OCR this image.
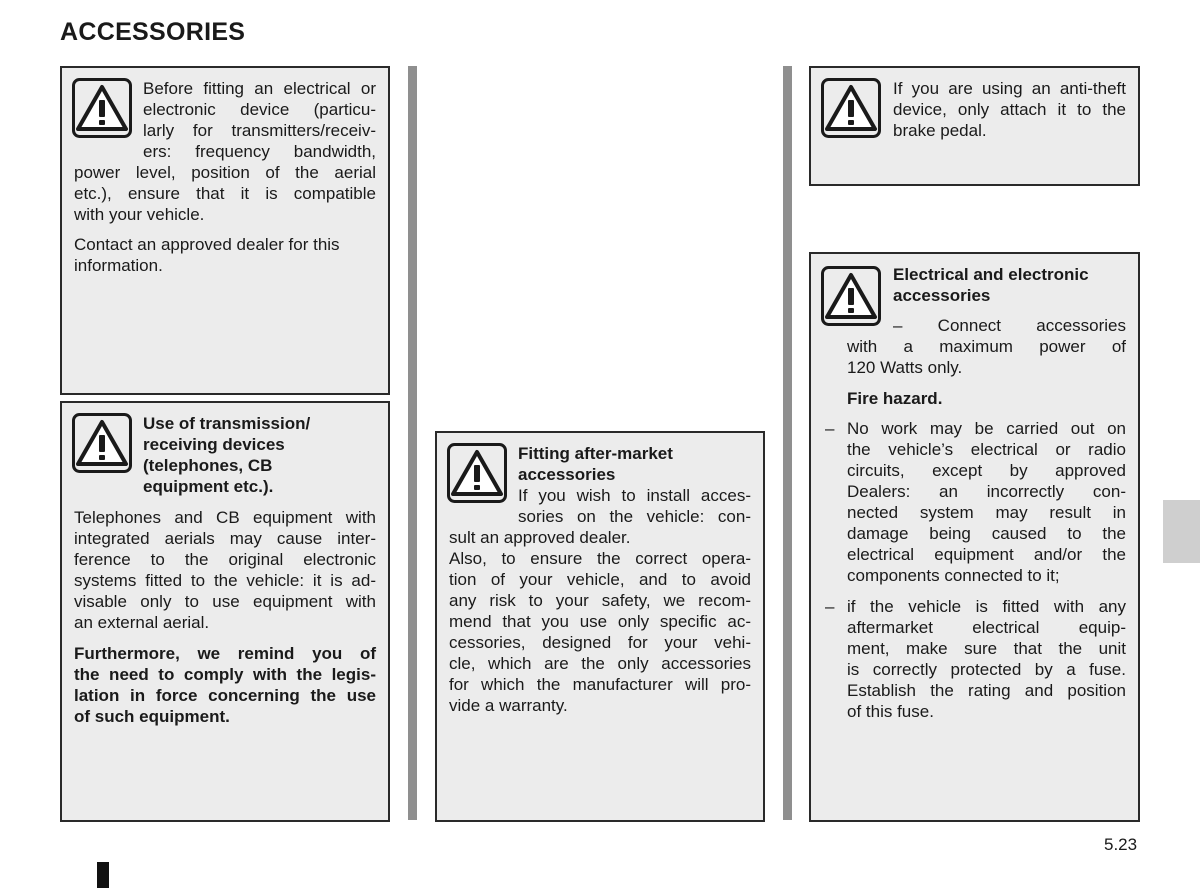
ACCESSORIES

Before fitting an electrical or

electronic device (particu-

larly for transmitters/receiv-

ers: frequency bandwidth,

power level, position of the aerial

etc.), ensure that it is compatible

with your vehicle.

Contact an approved dealer for this

information.

Use of transmission/

receiving devices

(telephones, CB

equipment etc.).

Telephones and CB equipment with

integrated aerials may cause inter-

ference to the original electronic

systems fitted to the vehicle: it is ad-

visable only to use equipment with

an external aerial.

Furthermore, we remind you of

the need to comply with the legis-

lation in force concerning the use

of such equipment.

Fitting after-market

accessories

If you wish to install acces-

sories on the vehicle: con-

sult an approved dealer.

Also, to ensure the correct opera-

tion of your vehicle, and to avoid

any risk to your safety, we recom-

mend that you use only specific ac-

cessories, designed for your vehi-

cle, which are the only accessories

for which the manufacturer will pro-

vide a warranty.

If you are using an anti-theft

device, only attach it to the

brake pedal.

Electrical and electronic

accessories

– Connect accessories

with a maximum power of

120 Watts only.

Fire hazard.

– No work may be carried out on

the vehicle’s electrical or radio

circuits, except by approved

Dealers: an incorrectly con-

nected system may result in

damage being caused to the

electrical equipment and/or the

components connected to it;

– if the vehicle is fitted with any

aftermarket electrical equip-

ment, make sure that the unit

is correctly protected by a fuse.

Establish the rating and position

of this fuse.

5.23
